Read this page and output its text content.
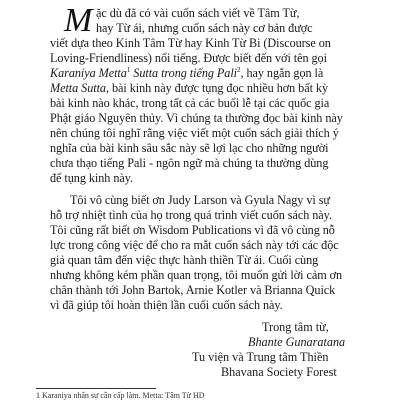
M ặc dù đã có vài cuốn sách viết về Tâm Từ,
hay Từ ái, nhưng cuốn sách này cơ bản được
viết dựa theo Kinh Tâm Từ hay Kinh Từ Bi (Discourse on
Loving-Friendliness) nổi tiếng. Được biết đến với tên gọi
Karaniya Metta$^1$ Sutta trong tiếng Pali$^2$, hay ngắn gọn là
Metta Sutta, bài kinh này được tụng đọc nhiều hơn bất kỳ
bài kinh nào khác, trong tất cả các buổi lễ tại các quốc gia
Phật giáo Nguyên thủy. Vì chúng ta thường đọc bài kinh này
nên chúng tôi nghĩ rằng việc viết một cuốn sách giải thích ý
nghĩa của bài kinh sâu sắc này sẽ lợi lạc cho những người
chưa thạo tiếng Pali - ngôn ngữ mà chúng ta thường dùng
để tụng kinh này.
Tôi vô cùng biết ơn Judy Larson và Gyula Nagy vì sự
hỗ trợ nhiệt tình của họ trong quá trình viết cuốn sách này.
Tôi cũng rất biết ơn Wisdom Publications vì đã vô cùng nỗ
lực trong công việc để cho ra mắt cuốn sách này tới các độc
giả quan tâm đến việc thực hành thiền Từ ái. Cuối cùng
nhưng không kém phần quan trọng, tôi muốn gửi lời cảm ơn
chân thành tới John Bartok, Arnie Kotler và Brianna Quick
vì đã giúp tôi hoàn thiện lần cuối cuốn sách này.
Trong tâm từ,
Bhante Gunaratana
Tu viện và Trung tâm Thiền
Bhavana Society Forest
1 Karaniya nhấn sự cần cấp làm. Metta: Tâm Từ HD
